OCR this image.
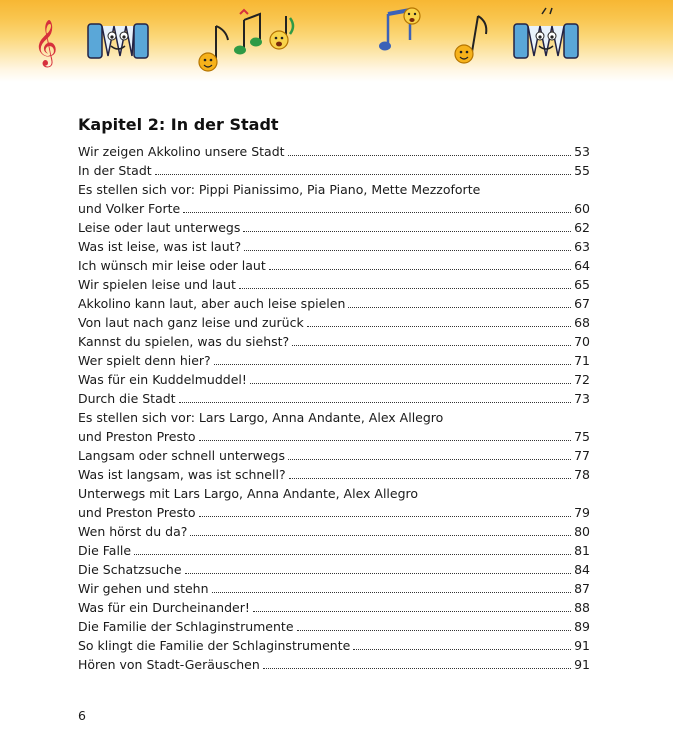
𝄞
Kapitel 2: In der Stadt
Wir zeigen Akkolino unsere Stadt	53
In der Stadt	55
Es stellen sich vor: Pippi Pianissimo, Pia Piano, Mette Mezzoforte
und Volker Forte	60
Leise oder laut unterwegs	62
Was ist leise, was ist laut?	63
Ich wünsch mir leise oder laut	64
Wir spielen leise und laut	65
Akkolino kann laut, aber auch leise spielen	67
Von laut nach ganz leise und zurück	68
Kannst du spielen, was du siehst?	70
Wer spielt denn hier?	71
Was für ein Kuddelmuddel!	72
Durch die Stadt	73
Es stellen sich vor: Lars Largo, Anna Andante, Alex Allegro
und Preston Presto	75
Langsam oder schnell unterwegs	77
Was ist langsam, was ist schnell?	78
Unterwegs mit Lars Largo, Anna Andante, Alex Allegro
und Preston Presto	79
Wen hörst du da?	80
Die Falle	81
Die Schatzsuche	84
Wir gehen und stehn	87
Was für ein Durcheinander!	88
Die Familie der Schlaginstrumente	89
So klingt die Familie der Schlaginstrumente	91
Hören von Stadt-Geräuschen	91
6
